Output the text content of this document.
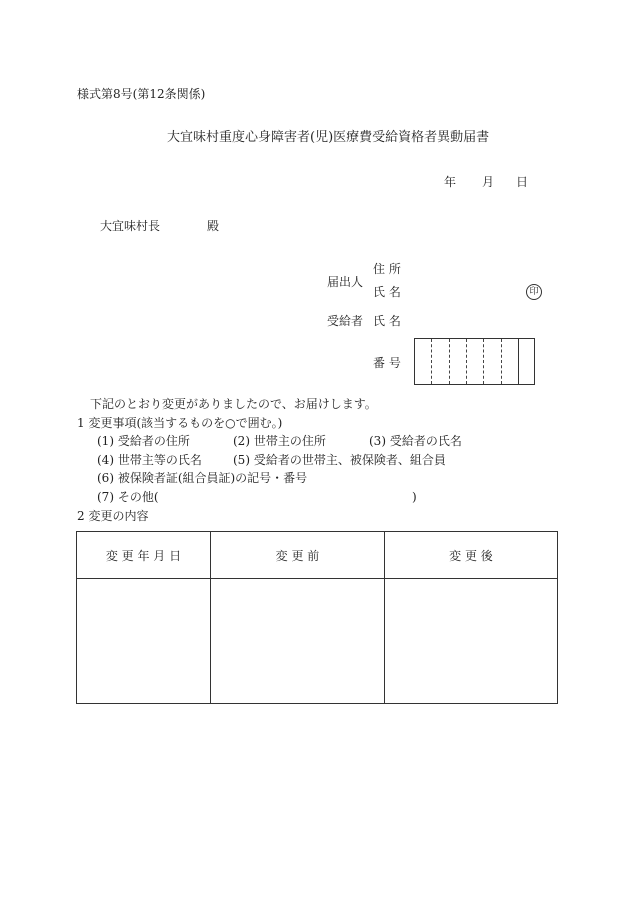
様式第8号(第12条関係)
大宜味村重度心身障害者(児)医療費受給資格者異動届書
年 月 日
大宜味村長	殿
届出人
住 所
氏 名	印
受給者 氏 名
番 号
下記のとおり変更がありましたので、お届けします。
1 変更事項(該当するものを○で囲む。)
(1) 受給者の住所	(2) 世帯主の住所	(3) 受給者の氏名
(4) 世帯主等の氏名	(5) 受給者の世帯主、被保険者、組合員
(6) 被保険者証(組合員証)の記号・番号
(7) その他(	)
2 変更の内容
変 更 年 月 日	変 更 前	変 更 後
